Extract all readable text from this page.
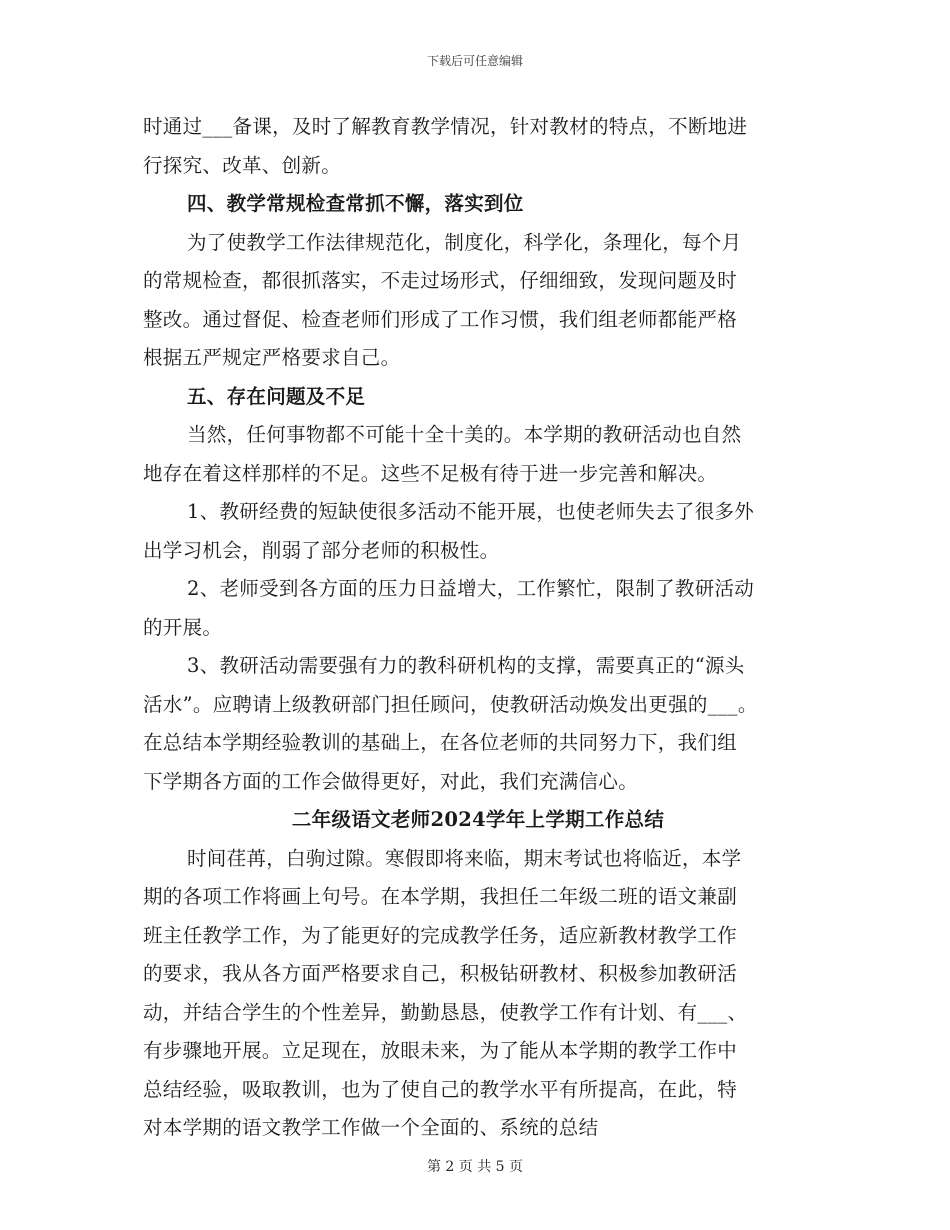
下载后可任意编辑
时通过___备课，及时了解教育教学情况，针对教材的特点，不断地进
行探究、改革、创新。
四、教学常规检查常抓不懈，落实到位
为了使教学工作法律规范化，制度化，科学化，条理化，每个月
的常规检查，都很抓落实，不走过场形式，仔细细致，发现问题及时
整改。通过督促、检查老师们形成了工作习惯，我们组老师都能严格
根据五严规定严格要求自己。
五、存在问题及不足
当然，任何事物都不可能十全十美的。本学期的教研活动也自然
地存在着这样那样的不足。这些不足极有待于进一步完善和解决。
1、教研经费的短缺使很多活动不能开展，也使老师失去了很多外
出学习机会，削弱了部分老师的积极性。
2、老师受到各方面的压力日益增大，工作繁忙，限制了教研活动
的开展。
3、教研活动需要强有力的教科研机构的支撑，需要真正的“源头
活水”。应聘请上级教研部门担任顾问，使教研活动焕发出更强的___。
在总结本学期经验教训的基础上，在各位老师的共同努力下，我们组
下学期各方面的工作会做得更好，对此，我们充满信心。
二年级语文老师2024学年上学期工作总结
时间荏苒，白驹过隙。寒假即将来临，期末考试也将临近，本学
期的各项工作将画上句号。在本学期，我担任二年级二班的语文兼副
班主任教学工作，为了能更好的完成教学任务，适应新教材教学工作
的要求，我从各方面严格要求自己，积极钻研教材、积极参加教研活
动，并结合学生的个性差异，勤勤恳恳，使教学工作有计划、有___、
有步骤地开展。立足现在，放眼未来，为了能从本学期的教学工作中
总结经验，吸取教训，也为了使自己的教学水平有所提高，在此，特
对本学期的语文教学工作做一个全面的、系统的总结
第 2 页 共 5 页
